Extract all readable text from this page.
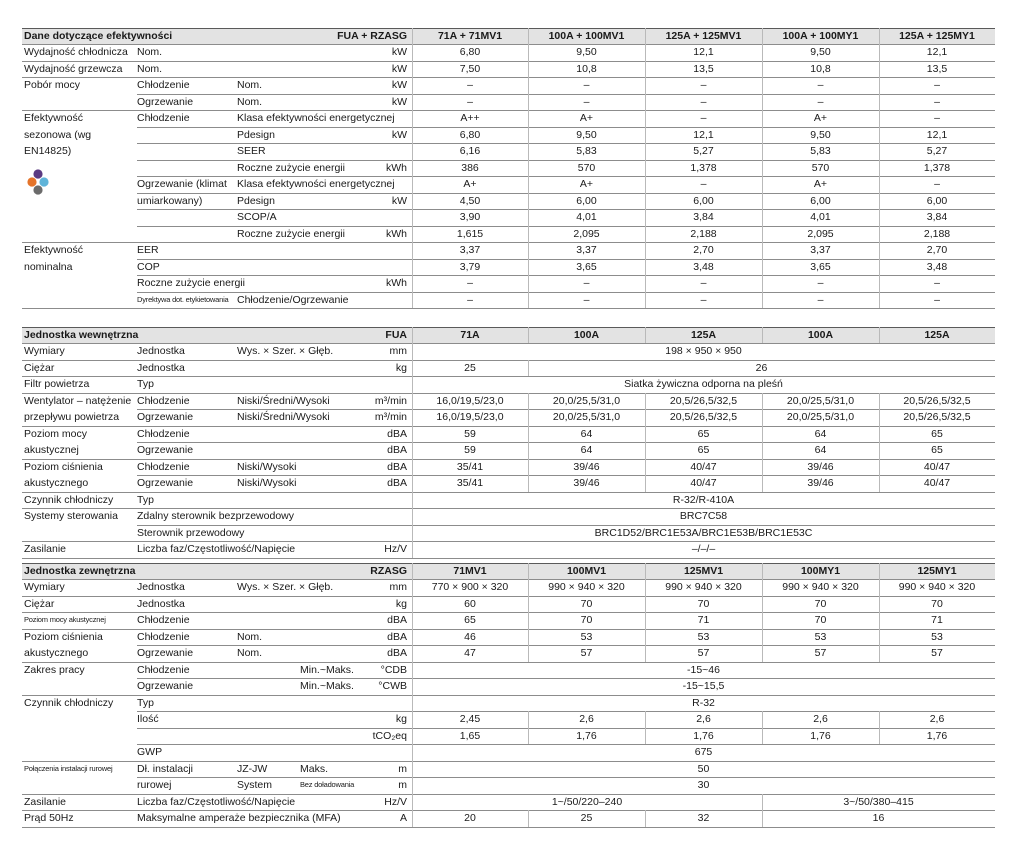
Dane dotyczące efektywności	FUA + RZASG	71A + 71MV1	100A + 100MV1	125A + 125MV1	100A + 100MY1	125A + 125MY1
Wydajność chłodnicza Nom.	kW	6,80	9,50	12,1	9,50	12,1
Wydajność grzewcza Nom.	kW	7,50	10,8	13,5	10,8	13,5
Pobór mocy	Chłodzenie	Nom.	kW	–	–	–	–	–
Ogrzewanie	Nom.	kW	–	–	–	–	–
Efektywność	Chłodzenie	Klasa efektywności energetycznej	A++	A+	–	A+	–
sezonowa (wg	Pdesign	kW	6,80	9,50	12,1	9,50	12,1
EN14825)	SEER	6,16	5,83	5,27	5,83	5,27
Roczne zużycie energii	kWh	386	570	1,378	570	1,378
Ogrzewanie (klimat Klasa efektywności energetycznej	A+	A+	–	A+	–
umiarkowany)	Pdesign	kW	4,50	6,00	6,00	6,00	6,00
SCOP/A	3,90	4,01	3,84	4,01	3,84
Roczne zużycie energii	kWh	1,615	2,095	2,188	2,095	2,188
Efektywność	EER	3,37	3,37	2,70	3,37	2,70
nominalna	COP	3,79	3,65	3,48	3,65	3,48
Roczne zużycie energii	kWh	–	–	–	–	–
Dyrektywa dot. etykietowania Chłodzenie/Ogrzewanie	–	–	–	–	–
Jednostka wewnętrzna	FUA	71A	100A	125A	100A	125A
Wymiary	Jednostka	Wys. × Szer. × Głęb.	mm	198 × 950 × 950
Ciężar	Jednostka	kg	25	26
Filtr powietrza	Typ	Siatka żywiczna odporna na pleśń
Wentylator – natężenie Chłodzenie	Niski/Średni/Wysoki	m³/min	16,0/19,5/23,0	20,0/25,5/31,0	20,5/26,5/32,5	20,0/25,5/31,0	20,5/26,5/32,5
przepływu powietrza Ogrzewanie	Niski/Średni/Wysoki	m³/min	16,0/19,5/23,0	20,0/25,5/31,0	20,5/26,5/32,5	20,0/25,5/31,0	20,5/26,5/32,5
Poziom mocy	Chłodzenie	dBA	59	64	65	64	65
akustycznej	Ogrzewanie	dBA	59	64	65	64	65
Poziom ciśnienia	Chłodzenie	Niski/Wysoki	dBA	35/41	39/46	40/47	39/46	40/47
akustycznego	Ogrzewanie	Niski/Wysoki	dBA	35/41	39/46	40/47	39/46	40/47
Czynnik chłodniczy Typ	R-32/R-410A
Systemy sterowania Zdalny sterownik bezprzewodowy	BRC7C58
Sterownik przewodowy	BRC1D52/BRC1E53A/BRC1E53B/BRC1E53C
Zasilanie	Liczba faz/Częstotliwość/Napięcie	Hz/V	–/–/–
Jednostka zewnętrzna	RZASG	71MV1	100MV1	125MV1	100MY1	125MY1
Wymiary	Jednostka	Wys. × Szer. × Głęb.	mm	770 × 900 × 320	990 × 940 × 320	990 × 940 × 320	990 × 940 × 320	990 × 940 × 320
Ciężar	Jednostka	kg	60	70	70	70	70
Poziom mocy akustycznej	Chłodzenie	dBA	65	70	71	70	71
Poziom ciśnienia	Chłodzenie	Nom.	dBA	46	53	53	53	53
akustycznego	Ogrzewanie	Nom.	dBA	47	57	57	57	57
Zakres pracy	Chłodzenie	Min.~Maks.	°CDB	-15~46
Ogrzewanie	Min.~Maks.	°CWB	-15~15,5
Czynnik chłodniczy Typ	R-32
Ilość	kg	2,45	2,6	2,6	2,6	2,6
tCO₂eq	1,65	1,76	1,76	1,76	1,76
GWP	675
Połączenia instalacji rurowej Dł. instalacji	JZ-JW	Maks.	m	50
rurowej	System	Bez doładowania	m	30
Zasilanie	Liczba faz/Częstotliwość/Napięcie	Hz/V	1~/50/220–240	3~/50/380–415
Prąd 50Hz	Maksymalne amperaże bezpiecznika (MFA)	A	20	25	32	16
